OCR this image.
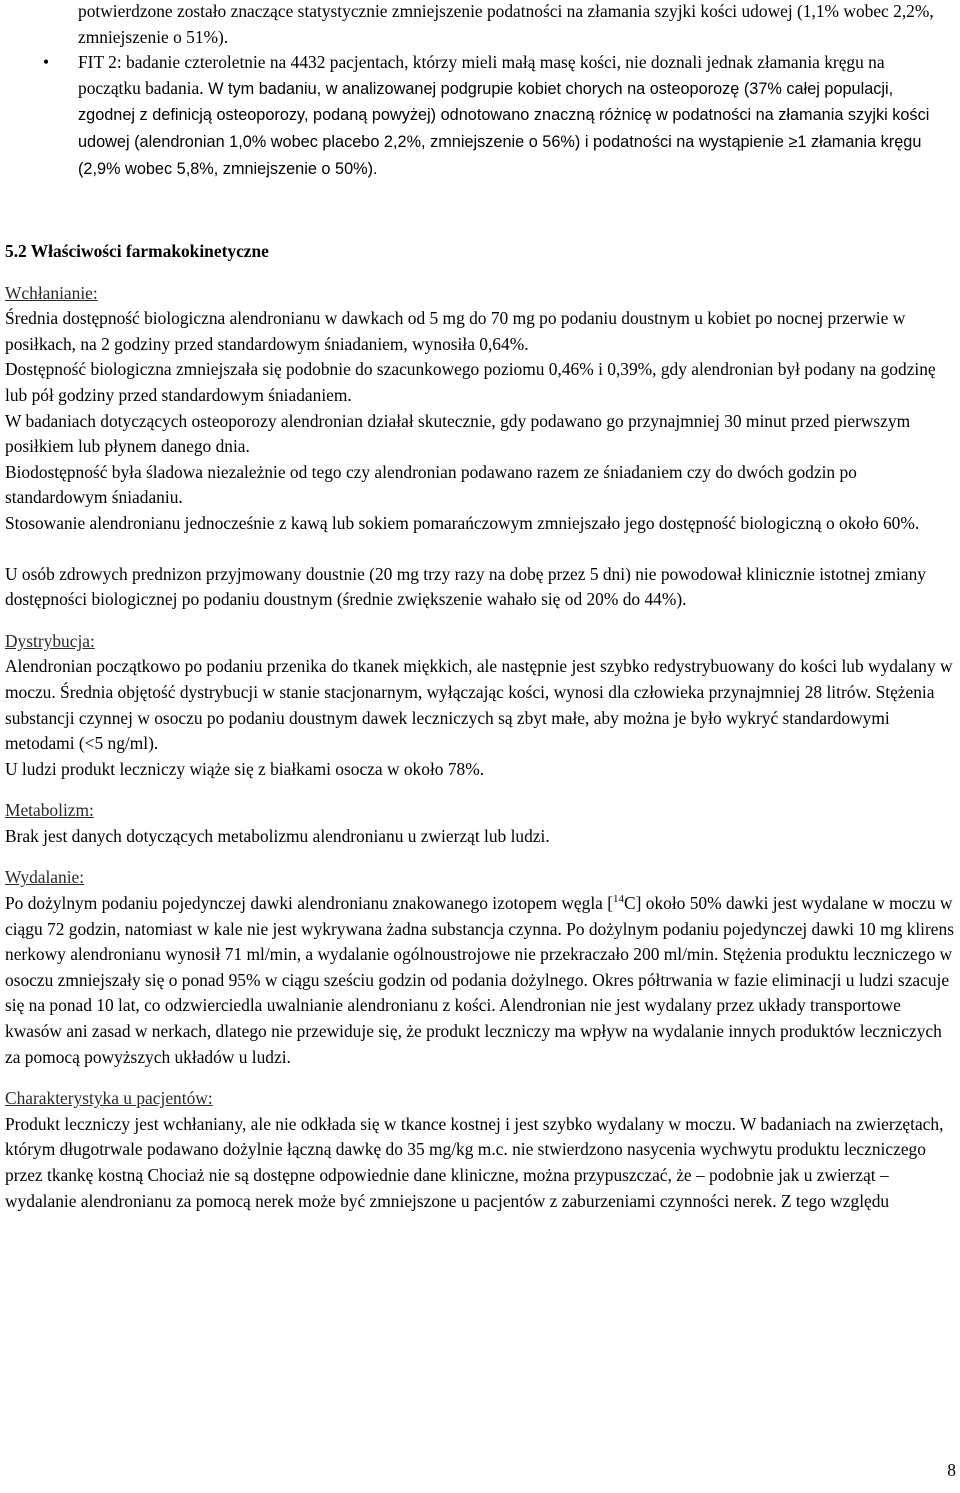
potwierdzone zostało znaczące statystycznie zmniejszenie podatności na złamania szyjki kości udowej (1,1% wobec 2,2%, zmniejszenie o 51%).
• FIT 2: badanie czteroletnie na 4432 pacjentach, którzy mieli małą masę kości, nie doznali jednak złamania kręgu na początku badania. W tym badaniu, w analizowanej podgrupie kobiet chorych na osteoporozę (37% całej populacji, zgodnej z definicją osteoporozy, podaną powyżej) odnotowano znaczną różnicę w podatności na złamania szyjki kości udowej (alendronian 1,0% wobec placebo 2,2%, zmniejszenie o 56%) i podatności na wystąpienie ≥1 złamania kręgu (2,9% wobec 5,8%, zmniejszenie o 50%).
5.2 Właściwości farmakokinetyczne
Wchłanianie:

Średnia dostępność biologiczna alendronianu w dawkach od 5 mg do 70 mg po podaniu doustnym u kobiet po nocnej przerwie w posiłkach, na 2 godziny przed standardowym śniadaniem, wynosiła 0,64%.

Dostępność biologiczna zmniejszała się podobnie do szacunkowego poziomu 0,46% i 0,39%, gdy alendronian był podany na godzinę lub pół godziny przed standardowym śniadaniem.

W badaniach dotyczących osteoporozy alendronian działał skutecznie, gdy podawano go przynajmniej 30 minut przed pierwszym posiłkiem lub płynem danego dnia.

Biodostępność była śladowa niezależnie od tego czy alendronian podawano razem ze śniadaniem czy do dwóch godzin po standardowym śniadaniu.

Stosowanie alendronianu jednocześnie z kawą lub sokiem pomarańczowym zmniejszało jego dostępność biologiczną o około 60%.

U osób zdrowych prednizon przyjmowany doustnie (20 mg trzy razy na dobę przez 5 dni) nie powodował klinicznie istotnej zmiany dostępności biologicznej po podaniu doustnym (średnie zwiększenie wahało się od 20% do 44%).

Dystrybucja:

Alendronian początkowo po podaniu przenika do tkanek miękkich, ale następnie jest szybko redystrybuowany do kości lub wydalany w moczu. Średnia objętość dystrybucji w stanie stacjonarnym, wyłączając kości, wynosi dla człowieka przynajmniej 28 litrów. Stężenia substancji czynnej w osoczu po podaniu doustnym dawek leczniczych są zbyt małe, aby można je było wykryć standardowymi metodami (<5 ng/ml).

U ludzi produkt leczniczy wiąże się z białkami osocza w około 78%.

Metabolizm:

Brak jest danych dotyczących metabolizmu alendronianu u zwierząt lub ludzi.

Wydalanie:

Po dożylnym podaniu pojedynczej dawki alendronianu znakowanego izotopem węgla [$^{14}$C] około 50% dawki jest wydalane w moczu w ciągu 72 godzin, natomiast w kale nie jest wykrywana żadna substancja czynna. Po dożylnym podaniu pojedynczej dawki 10 mg klirens nerkowy alendronianu wynosił 71 ml/min, a wydalanie ogólnoustrojowe nie przekraczało 200 ml/min. Stężenia produktu leczniczego w osoczu zmniejszały się o ponad 95% w ciągu sześciu godzin od podania dożylnego. Okres półtrwania w fazie eliminacji u ludzi szacuje się na ponad 10 lat, co odzwierciedla uwalnianie alendronianu z kości. Alendronian nie jest wydalany przez układy transportowe kwasów ani zasad w nerkach, dlatego nie przewiduje się, że produkt leczniczy ma wpływ na wydalanie innych produktów leczniczych za pomocą powyższych układów u ludzi.

Charakterystyka u pacjentów:

Produkt leczniczy jest wchłaniany, ale nie odkłada się w tkance kostnej i jest szybko wydalany w moczu. W badaniach na zwierzętach, którym długotrwale podawano dożylnie łączną dawkę do 35 mg/kg m.c. nie stwierdzono nasycenia wychwytu produktu leczniczego przez tkankę kostną Chociaż nie są dostępne odpowiednie dane kliniczne, można przypuszczać, że – podobnie jak u zwierząt – wydalanie alendronianu za pomocą nerek może być zmniejszone u pacjentów z zaburzeniami czynności nerek. Z tego względu

8
